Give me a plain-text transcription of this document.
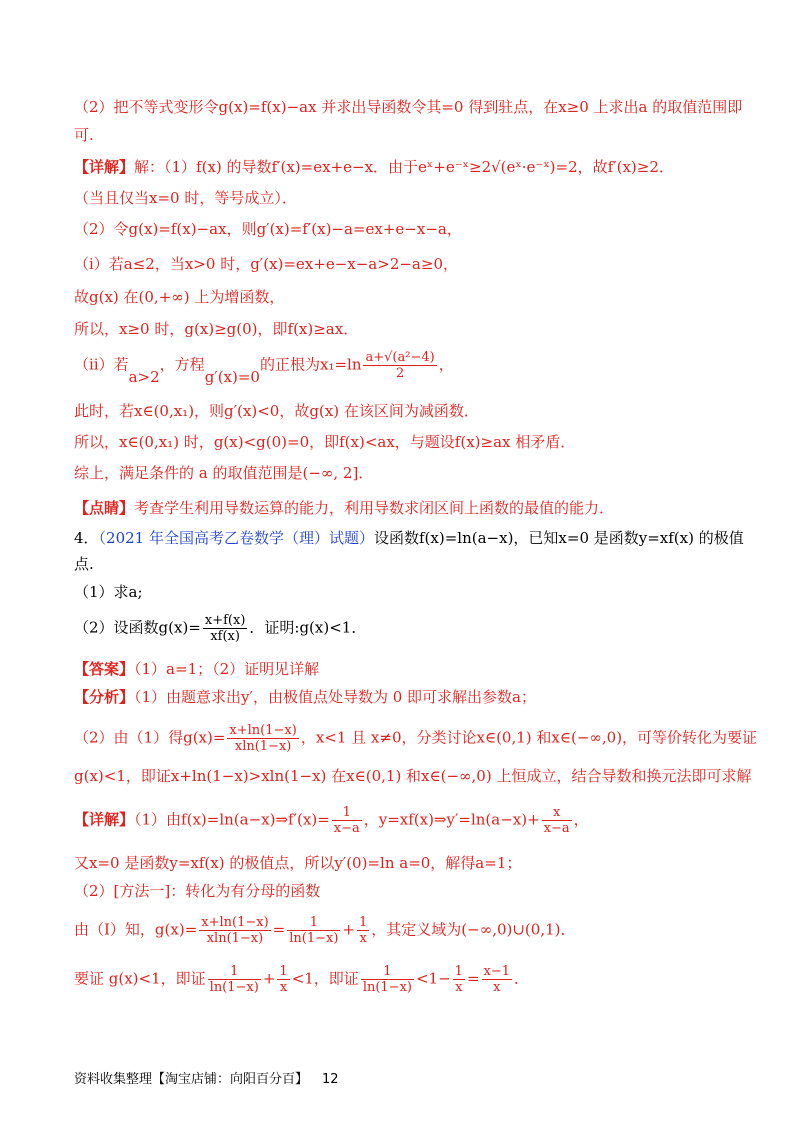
（2）把不等式变形令g(x)=f(x)−ax 并求出导函数令其=0 得到驻点，在x≥0 上求出a 的取值范围即
可.
【详解】解：（1）f(x) 的导数f′(x)=ex+e−x．由于eˣ+e⁻ˣ≥2√(eˣ·e⁻ˣ)=2，故f′(x)≥2．
（当且仅当x=0 时，等号成立）．
（2）令g(x)=f(x)−ax，则g′(x)=f′(x)−a=ex+e−x−a，
（ⅰ）若a≤2，当x>0 时，g′(x)=ex+e−x−a>2−a≥0，
故g(x) 在(0,+∞) 上为增函数，
所以，x≥0 时，g(x)≥g(0)，即f(x)≥ax．
（ⅱ）若a>2，方程g′(x)=0的正根为$x_1=\ln \frac{\text{a+√(a²−4)}}{2}$ ，
此时，若x∈(0,x₁)，则g′(x)<0，故g(x) 在该区间为减函数．
所以，x∈(0,x₁) 时，g(x)<g(0)=0，即f(x)<ax，与题设f(x)≥ax 相矛盾．
综上，满足条件的 a 的取值范围是(−∞, 2]．
【点睛】考查学生利用导数运算的能力，利用导数求闭区间上函数的最值的能力．
4．（2021 年全国高考乙卷数学（理）试题）设函数f(x)=ln(a−x)，已知x=0 是函数y=xf(x) 的极值
点.
（1）求a;
（2）设函数$g(x)= \frac{x+f(x)}{xf(x)}$ ．证明:g(x)<1．
【答案】（1）a=1；（2）证明见详解
【分析】（1）由题意求出y′，由极值点处导数为 0 即可求解出参数a；
（2）由（1）得$g(x)= \frac{x+\ln(1-x)}{xln(1-x)}$ ，x<1 且 x≠0，分类讨论x∈(0,1) 和x∈(−∞,0)，可等价转化为要证
g(x)<1，即证x+ln(1−x)>xln(1−x) 在x∈(0,1) 和x∈(−∞,0) 上恒成立，结合导数和换元法即可求解
【详解】（1）由f(x)=ln(a−x)⇒f′(x)= $\frac{1}{x-a}$ ，y=xf(x)⇒y′=ln(a−x)+ $\frac{x}{x-a}$ ，
又x=0 是函数y=xf(x) 的极值点，所以y′(0)=ln a=0，解得a=1；
（2）[方法一]：转化为有分母的函数
由（Ⅰ）知，$g(x)= \frac{x+\ln(1-x)}{xln(1-x)} = \frac{1}{\ln(1-x)} + \frac{1}{x}$ ，其定义域为(−∞,0)∪(0,1)．
要证 g(x)<1，即证 $\frac{1}{\ln(1-x)} + \frac{1}{x} <1$，即证 $\frac{1}{\ln(1-x)} <1- \frac{1}{x} = \frac{x-1}{x}$ ．
资料收集整理【淘宝店铺：向阳百分百】 12
